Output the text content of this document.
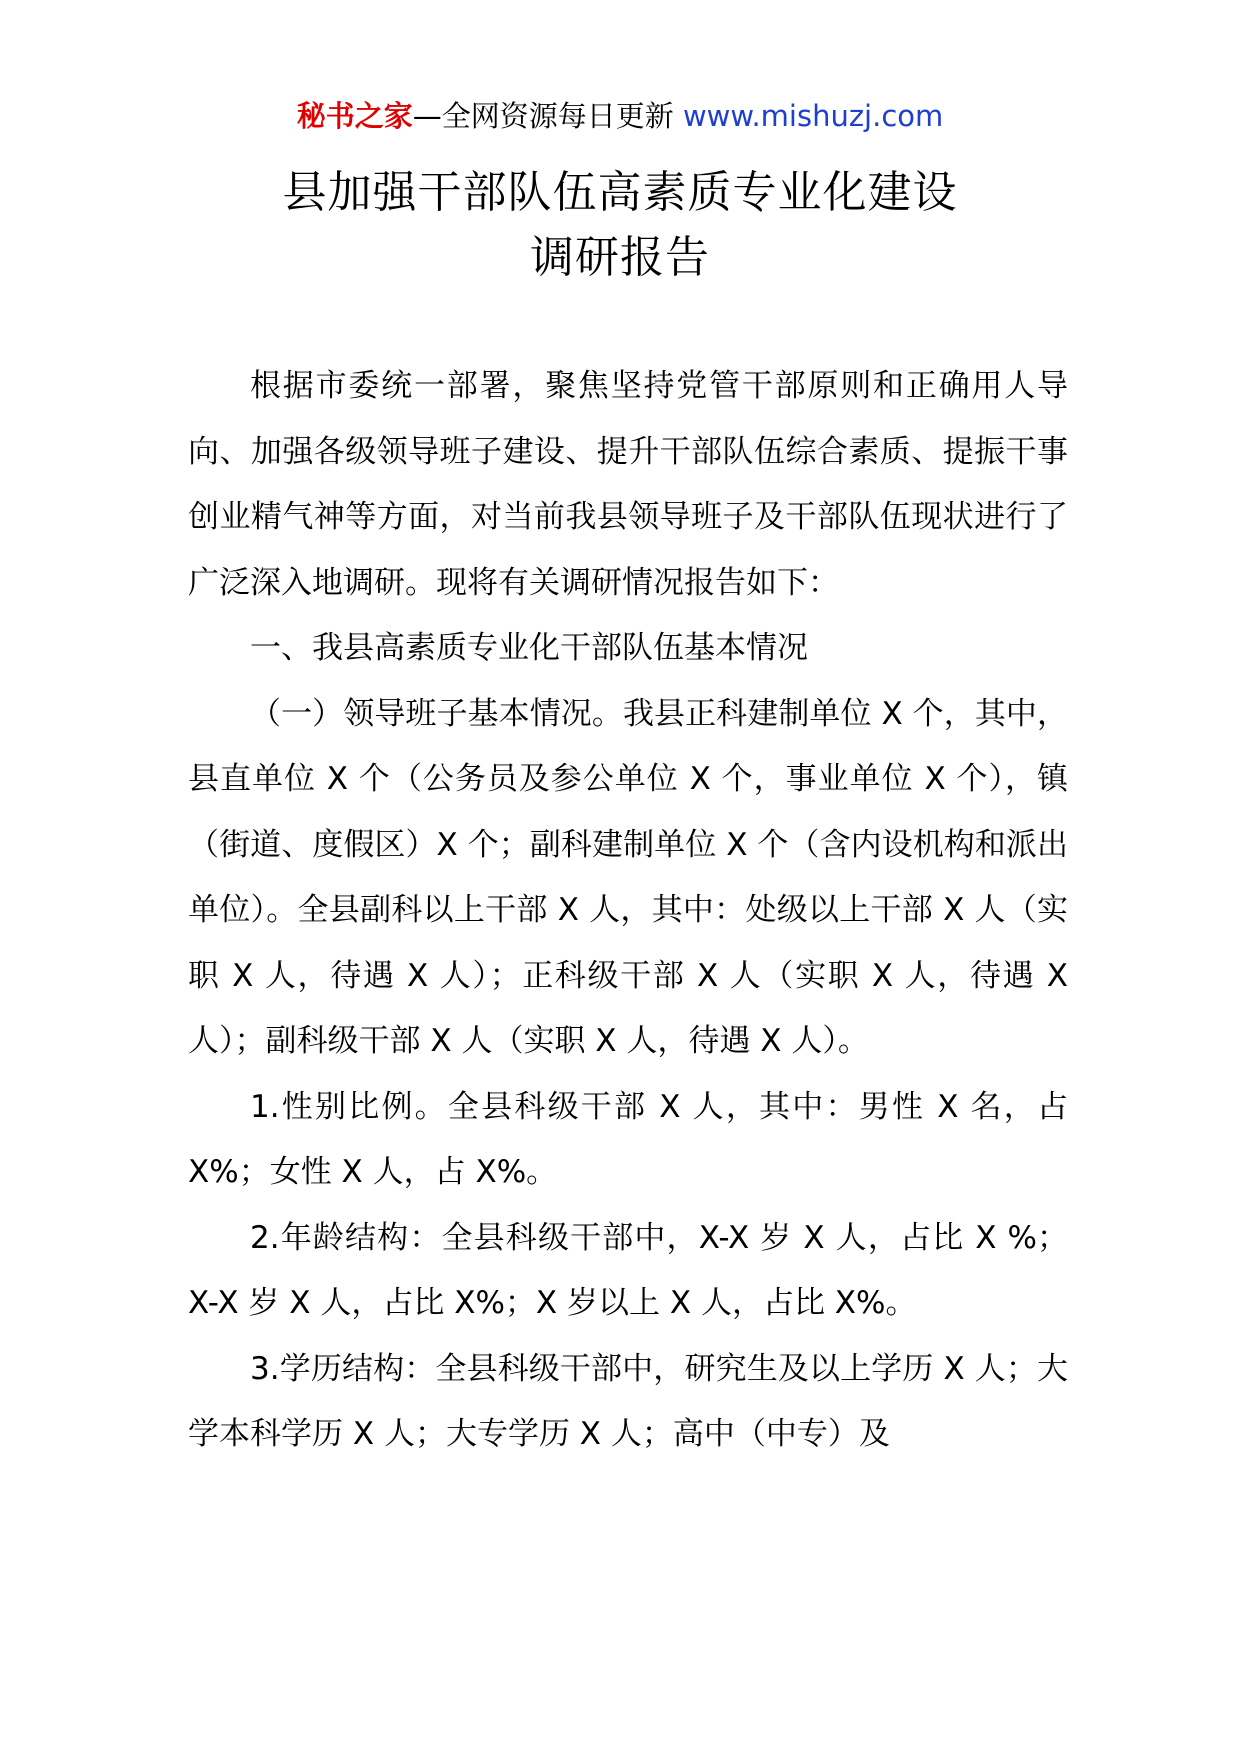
秘书之家—全网资源每日更新 www.mishuzj.com
县加强干部队伍高素质专业化建设
调研报告

根据市委统一部署，聚焦坚持党管干部原则和正确用人导向、加强各级领导班子建设、提升干部队伍综合素质、提振干事创业精气神等方面，对当前我县领导班子及干部队伍现状进行了广泛深入地调研。现将有关调研情况报告如下：

一、我县高素质专业化干部队伍基本情况

（一）领导班子基本情况。我县正科建制单位 X 个，其中，县直单位 X 个（公务员及参公单位 X 个，事业单位 X 个），镇（街道、度假区）X 个；副科建制单位 X 个（含内设机构和派出单位）。全县副科以上干部 X 人，其中：处级以上干部 X 人（实职 X 人，待遇 X 人）；正科级干部 X 人（实职 X 人，待遇 X 人）；副科级干部 X 人（实职 X 人，待遇 X 人）。

1.性别比例。全县科级干部 X 人，其中：男性 X 名，占 X%；女性 X 人，占 X%。

2.年龄结构：全县科级干部中，X-X 岁 X 人，占比 X %；X-X 岁 X 人，占比 X%；X 岁以上 X 人，占比 X%。

3.学历结构：全县科级干部中，研究生及以上学历 X 人；大学本科学历 X 人；大专学历 X 人；高中（中专）及
